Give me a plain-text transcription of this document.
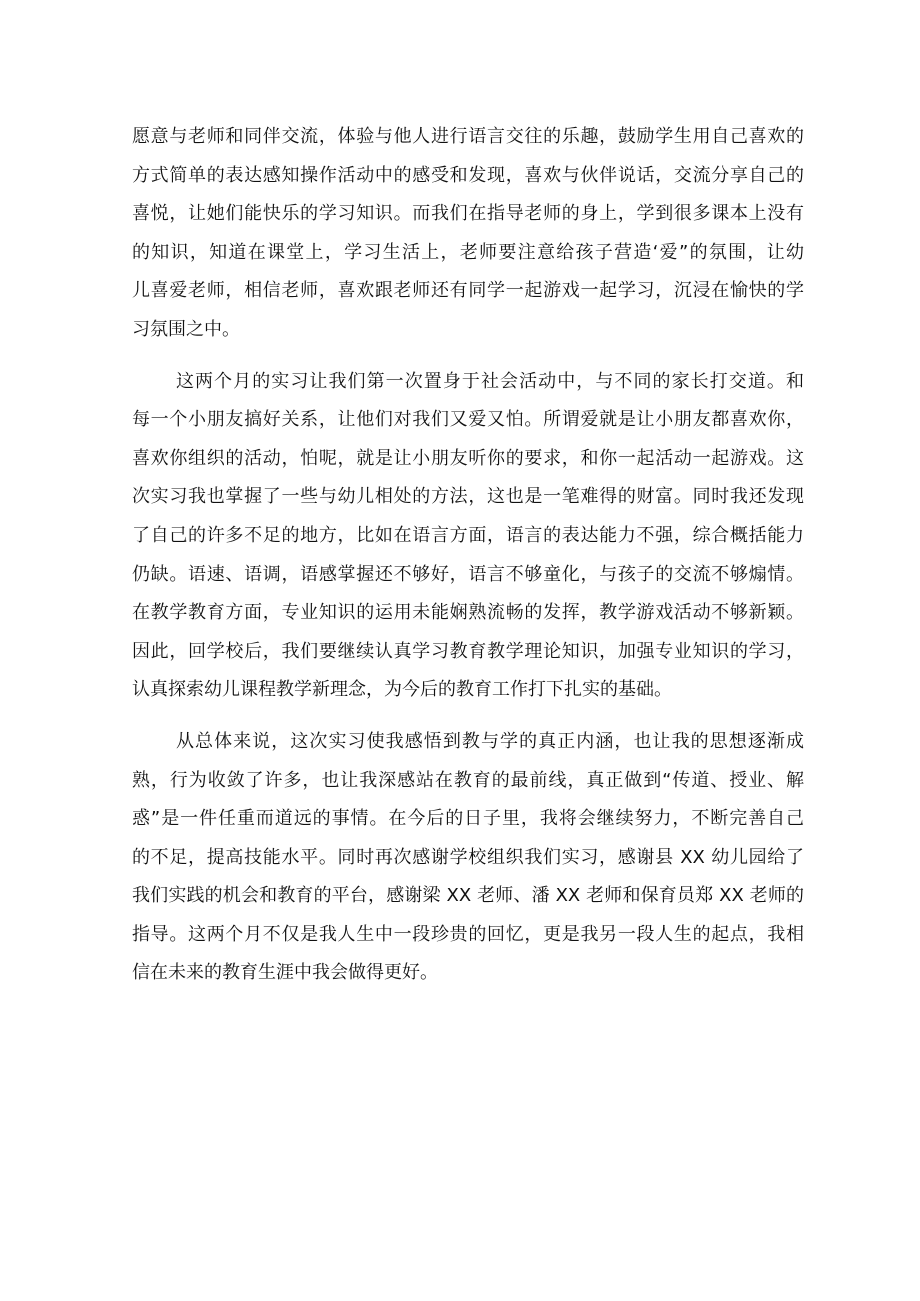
愿意与老师和同伴交流，体验与他人进行语言交往的乐趣，鼓励学生用自己喜欢的
方式简单的表达感知操作活动中的感受和发现，喜欢与伙伴说话，交流分享自己的
喜悦，让她们能快乐的学习知识。而我们在指导老师的身上，学到很多课本上没有
的知识，知道在课堂上，学习生活上，老师要注意给孩子营造‘爱”的氛围，让幼
儿喜爱老师，相信老师，喜欢跟老师还有同学一起游戏一起学习，沉浸在愉快的学
习氛围之中。
这两个月的实习让我们第一次置身于社会活动中，与不同的家长打交道。和
每一个小朋友搞好关系，让他们对我们又爱又怕。所谓爱就是让小朋友都喜欢你，
喜欢你组织的活动，怕呢，就是让小朋友听你的要求，和你一起活动一起游戏。这
次实习我也掌握了一些与幼儿相处的方法，这也是一笔难得的财富。同时我还发现
了自己的许多不足的地方，比如在语言方面，语言的表达能力不强，综合概括能力
仍缺。语速、语调，语感掌握还不够好，语言不够童化，与孩子的交流不够煽情。
在教学教育方面，专业知识的运用未能娴熟流畅的发挥，教学游戏活动不够新颖。
因此，回学校后，我们要继续认真学习教育教学理论知识，加强专业知识的学习，
认真探索幼儿课程教学新理念，为今后的教育工作打下扎实的基础。
从总体来说，这次实习使我感悟到教与学的真正内涵，也让我的思想逐渐成
熟，行为收敛了许多，也让我深感站在教育的最前线，真正做到“传道、授业、解
惑”是一件任重而道远的事情。在今后的日子里，我将会继续努力，不断完善自己
的不足，提高技能水平。同时再次感谢学校组织我们实习，感谢县 XX 幼儿园给了
我们实践的机会和教育的平台，感谢梁 XX 老师、潘 XX 老师和保育员郑 XX 老师的
指导。这两个月不仅是我人生中一段珍贵的回忆，更是我另一段人生的起点，我相
信在未来的教育生涯中我会做得更好。
